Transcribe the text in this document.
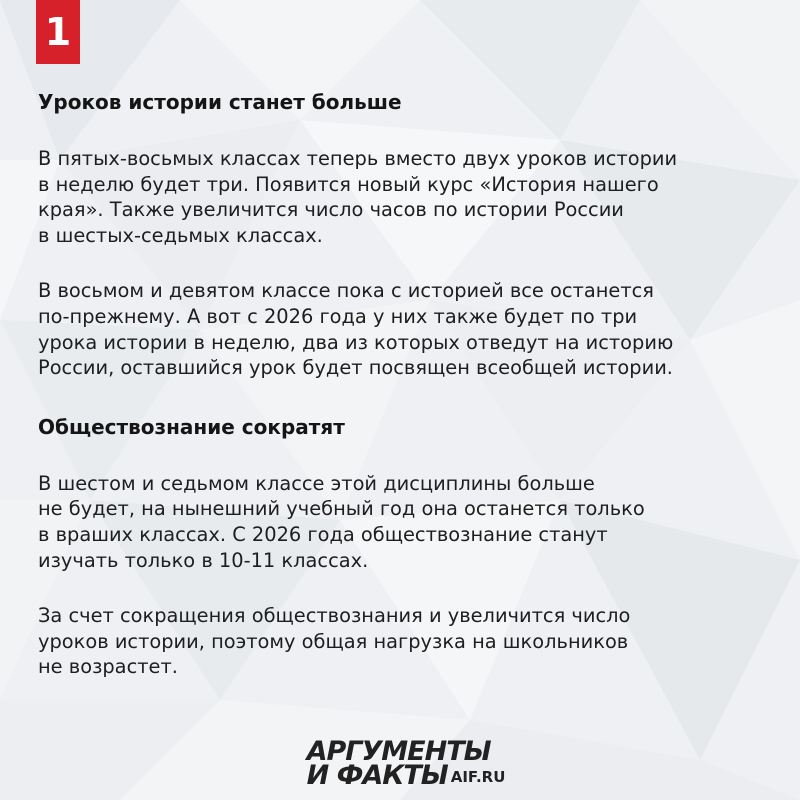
1
Уроков истории станет больше

В пятых-восьмых классах теперь вместо двух уроков истории
в неделю будет три. Появится новый курс «История нашего
края». Также увеличится число часов по истории России
в шестых-седьмых классах.

В восьмом и девятом классе пока с историей все останется
по-прежнему. А вот с 2026 года у них также будет по три
урока истории в неделю, два из которых отведут на историю
России, оставшийся урок будет посвящен всеобщей истории.

Обществознание сократят

В шестом и седьмом классе этой дисциплины больше
не будет, на нынешний учебный год она останется только
в враших классах. С 2026 года обществознание станут
изучать только в 10-11 классах.

За счет сокращения обществознания и увеличится число
уроков истории, поэтому общая нагрузка на школьников
не возрастет.

АРГУМЕНТЫ
И ФАКТЫ AIF.RU
